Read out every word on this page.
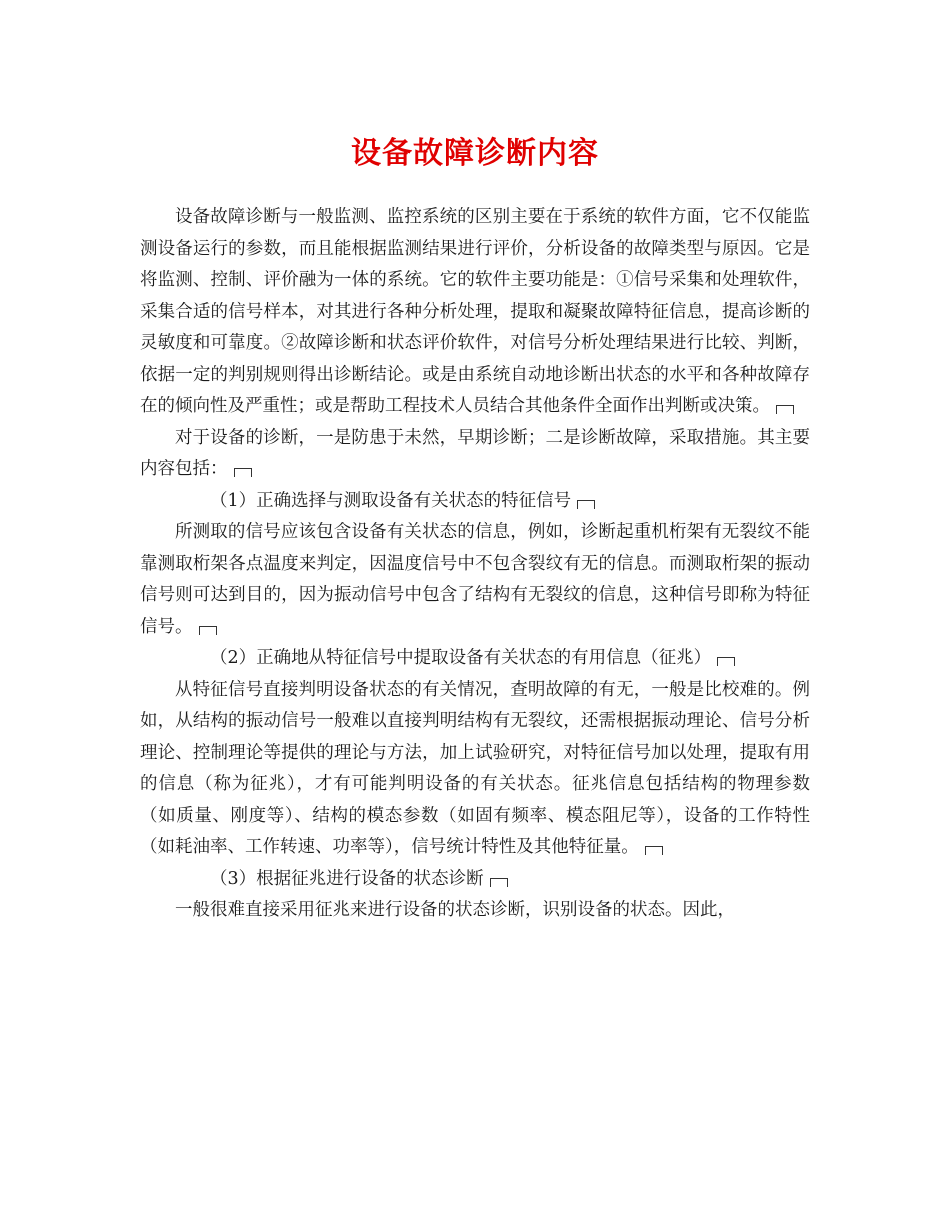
设备故障诊断内容

设备故障诊断与一般监测、监控系统的区别主要在于系统的软件方面，它不仅能监测设备运行的参数，而且能根据监测结果进行评价，分析设备的故障类型与原因。它是将监测、控制、评价融为一体的系统。它的软件主要功能是：①信号采集和处理软件，采集合适的信号样本，对其进行各种分析处理，提取和凝聚故障特征信息，提高诊断的灵敏度和可靠度。②故障诊断和状态评价软件，对信号分析处理结果进行比较、判断，依据一定的判别规则得出诊断结论。或是由系统自动地诊断出状态的水平和各种故障存在的倾向性及严重性；或是帮助工程技术人员结合其他条件全面作出判断或决策。

对于设备的诊断，一是防患于未然，早期诊断；二是诊断故障，采取措施。其主要内容包括：

（1）正确选择与测取设备有关状态的特征信号

所测取的信号应该包含设备有关状态的信息，例如，诊断起重机桁架有无裂纹不能靠测取桁架各点温度来判定，因温度信号中不包含裂纹有无的信息。而测取桁架的振动信号则可达到目的，因为振动信号中包含了结构有无裂纹的信息，这种信号即称为特征信号。

（2）正确地从特征信号中提取设备有关状态的有用信息（征兆）

从特征信号直接判明设备状态的有关情况，查明故障的有无，一般是比校难的。例如，从结构的振动信号一般难以直接判明结构有无裂纹，还需根据振动理论、信号分析理论、控制理论等提供的理论与方法，加上试验研究，对特征信号加以处理，提取有用的信息（称为征兆），才有可能判明设备的有关状态。征兆信息包括结构的物理参数（如质量、刚度等）、结构的模态参数（如固有频率、模态阻尼等），设备的工作特性（如耗油率、工作转速、功率等），信号统计特性及其他特征量。

（3）根据征兆进行设备的状态诊断

一般很难直接采用征兆来进行设备的状态诊断，识别设备的状态。因此，
